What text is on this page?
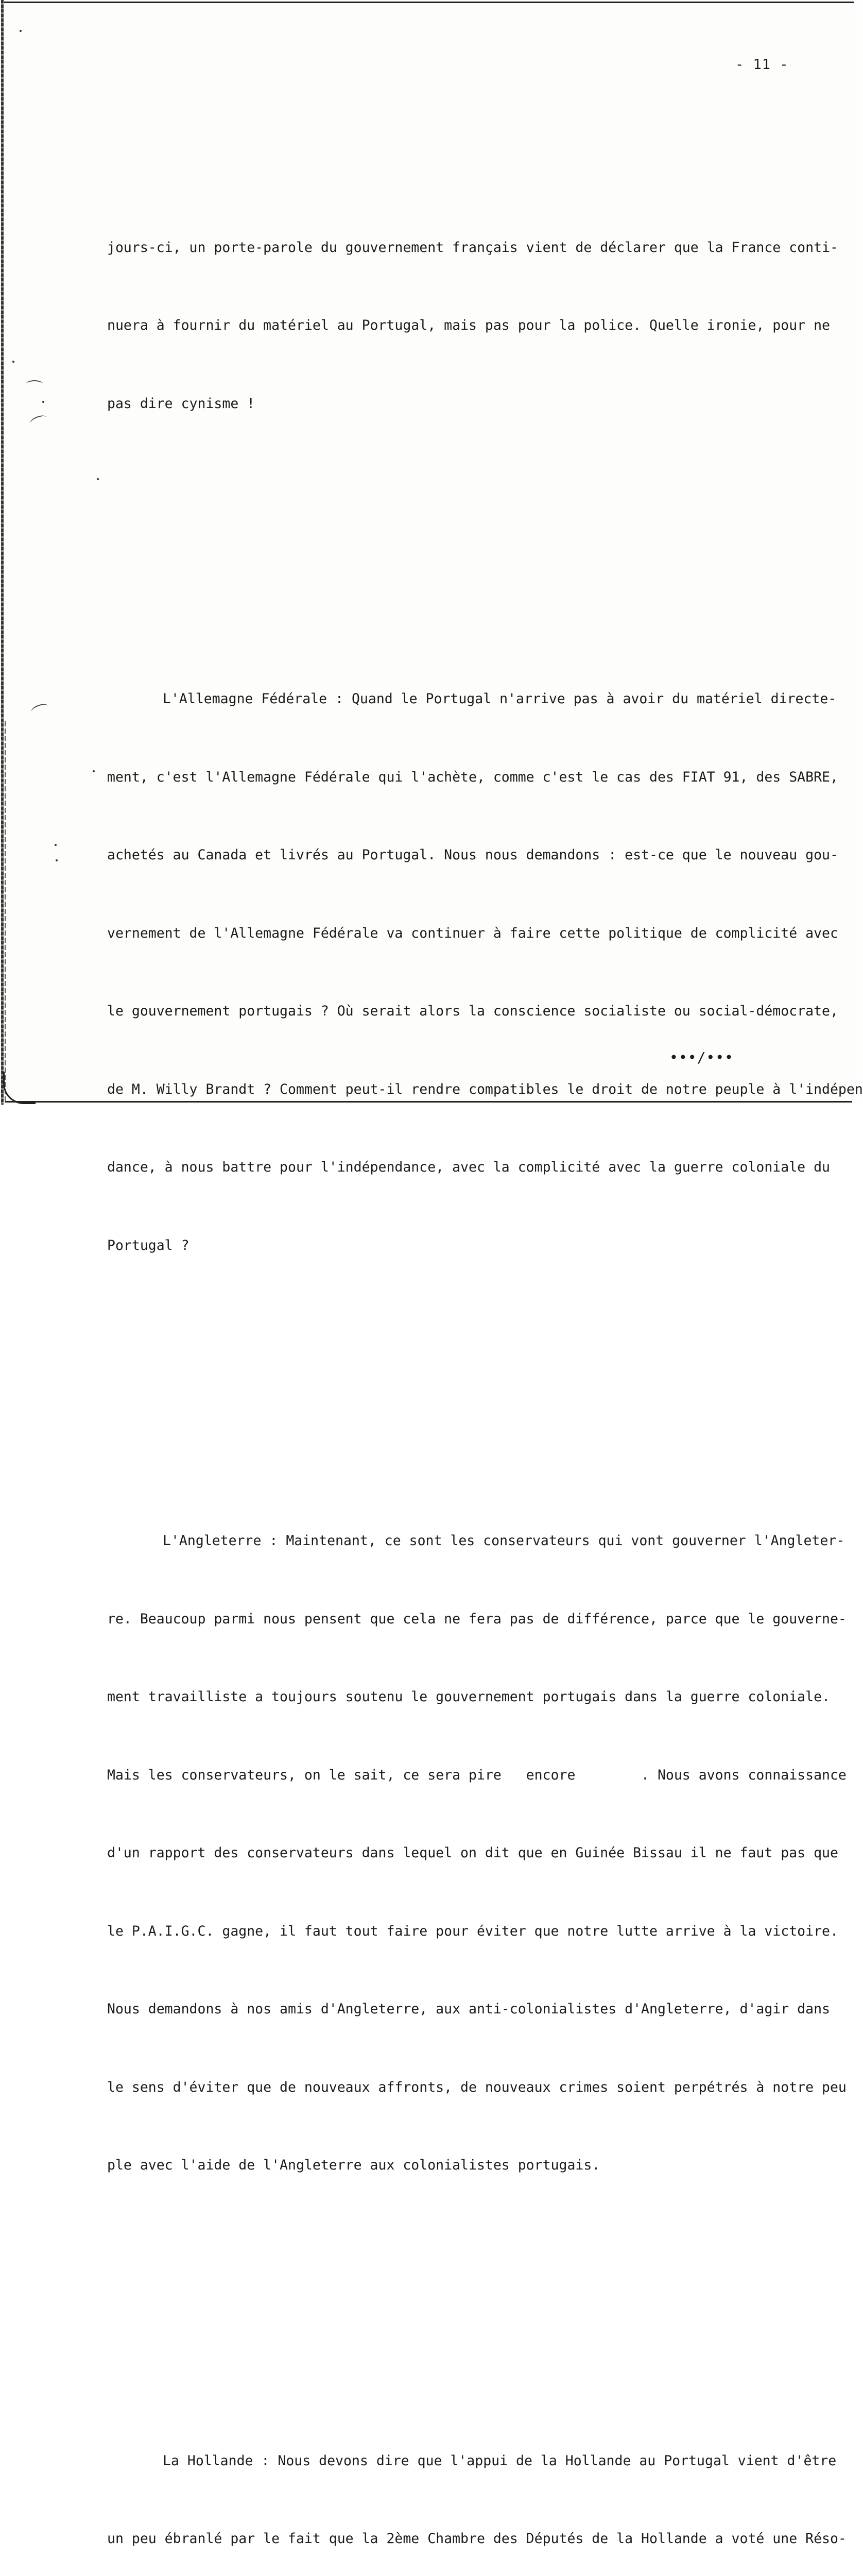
- 11 -

jours-ci, un porte-parole du gouvernement français vient de déclarer que la France conti-

nuera à fournir du matériel au Portugal, mais pas pour la police. Quelle ironie, pour ne

pas dire cynisme !

L'Allemagne Fédérale : Quand le Portugal n'arrive pas à avoir du matériel directe-

ment, c'est l'Allemagne Fédérale qui l'achète, comme c'est le cas des FIAT 91, des SABRE,

achetés au Canada et livrés au Portugal. Nous nous demandons : est-ce que le nouveau gou-

vernement de l'Allemagne Fédérale va continuer à faire cette politique de complicité avec

le gouvernement portugais ? Où serait alors la conscience socialiste ou social-démocrate,

de M. Willy Brandt ? Comment peut-il rendre compatibles le droit de notre peuple à l'indépen

dance, à nous battre pour l'indépendance, avec la complicité avec la guerre coloniale du

Portugal ?

L'Angleterre : Maintenant, ce sont les conservateurs qui vont gouverner l'Angleter-

re. Beaucoup parmi nous pensent que cela ne fera pas de différence, parce que le gouverne-

ment travailliste a toujours soutenu le gouvernement portugais dans la guerre coloniale.

Mais les conservateurs, on le sait, ce sera pire   encore        . Nous avons connaissance

d'un rapport des conservateurs dans lequel on dit que en Guinée Bissau il ne faut pas que

le P.A.I.G.C. gagne, il faut tout faire pour éviter que notre lutte arrive à la victoire.

Nous demandons à nos amis d'Angleterre, aux anti-colonialistes d'Angleterre, d'agir dans

le sens d'éviter que de nouveaux affronts, de nouveaux crimes soient perpétrés à notre peu

ple avec l'aide de l'Angleterre aux colonialistes portugais.

La Hollande : Nous devons dire que l'appui de la Hollande au Portugal vient d'être

un peu ébranlé par le fait que la 2ème Chambre des Députés de la Hollande a voté une Réso-

•••/•••
